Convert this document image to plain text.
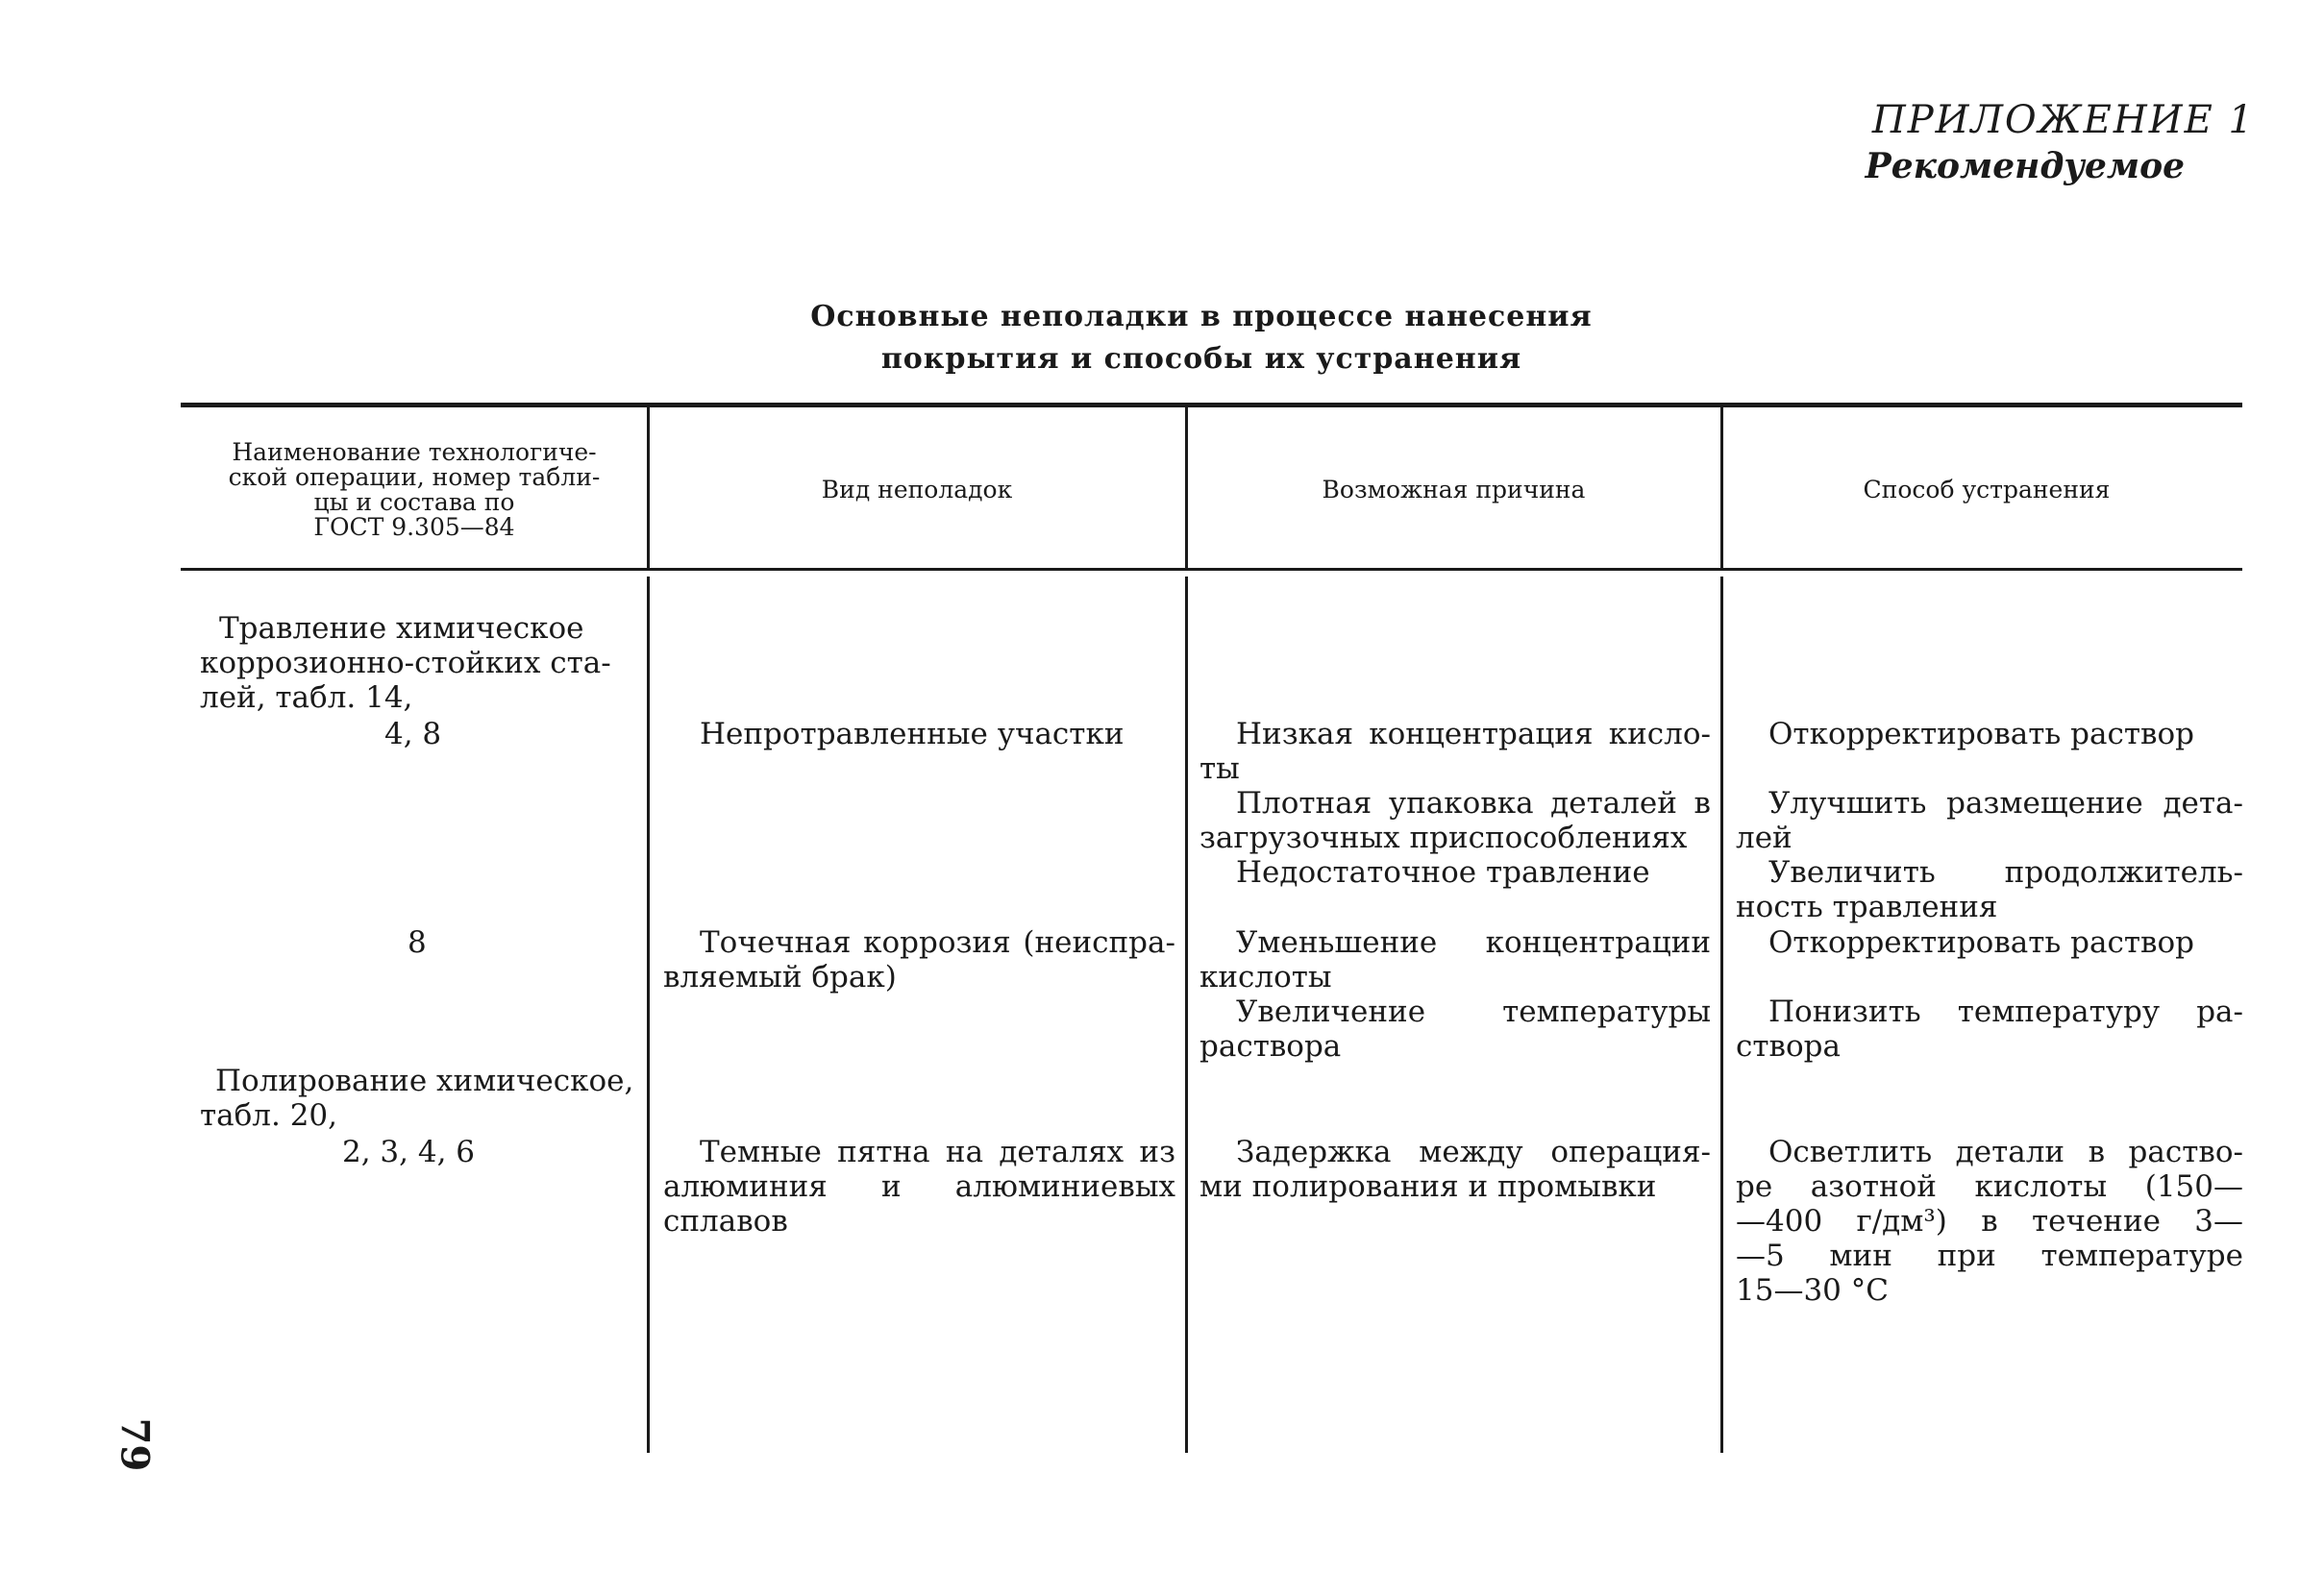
ПРИЛОЖЕНИЕ 1
Рекомендуемое
Основные неполадки в процессе нанесения
покрытия и способы их устранения
Наименование технологиче-
ской операции, номер табли-
цы и состава по
ГОСТ 9.305—84
Вид неполадок	Возможная причина	Способ устранения
Травление химическое
коррозионно-стойких ста-
лей, табл. 14,
4, 8
8
Полирование химическое,
табл. 20,
2, 3, 4, 6
Непротравленные участки
Точечная коррозия (неиспра-
вляемый брак)
Темные пятна на деталях из
алюминия и алюминиевых
сплавов
Низкая концентрация кисло-
ты
Плотная упаковка деталей в
загрузочных приспособлениях
Недостаточное травление
Уменьшение концентрации
кислоты
Увеличение температуры
раствора
Задержка между операция-
ми полирования и промывки
Откорректировать раствор
Улучшить размещение дета-
лей
Увеличить продолжитель-
ность травления
Откорректировать раствор
Понизить температуру ра-
створа
Осветлить детали в раство-
ре азотной кислоты (150—
—400 г/дм³) в течение 3—
—5 мин при температуре
15—30 °С
79
